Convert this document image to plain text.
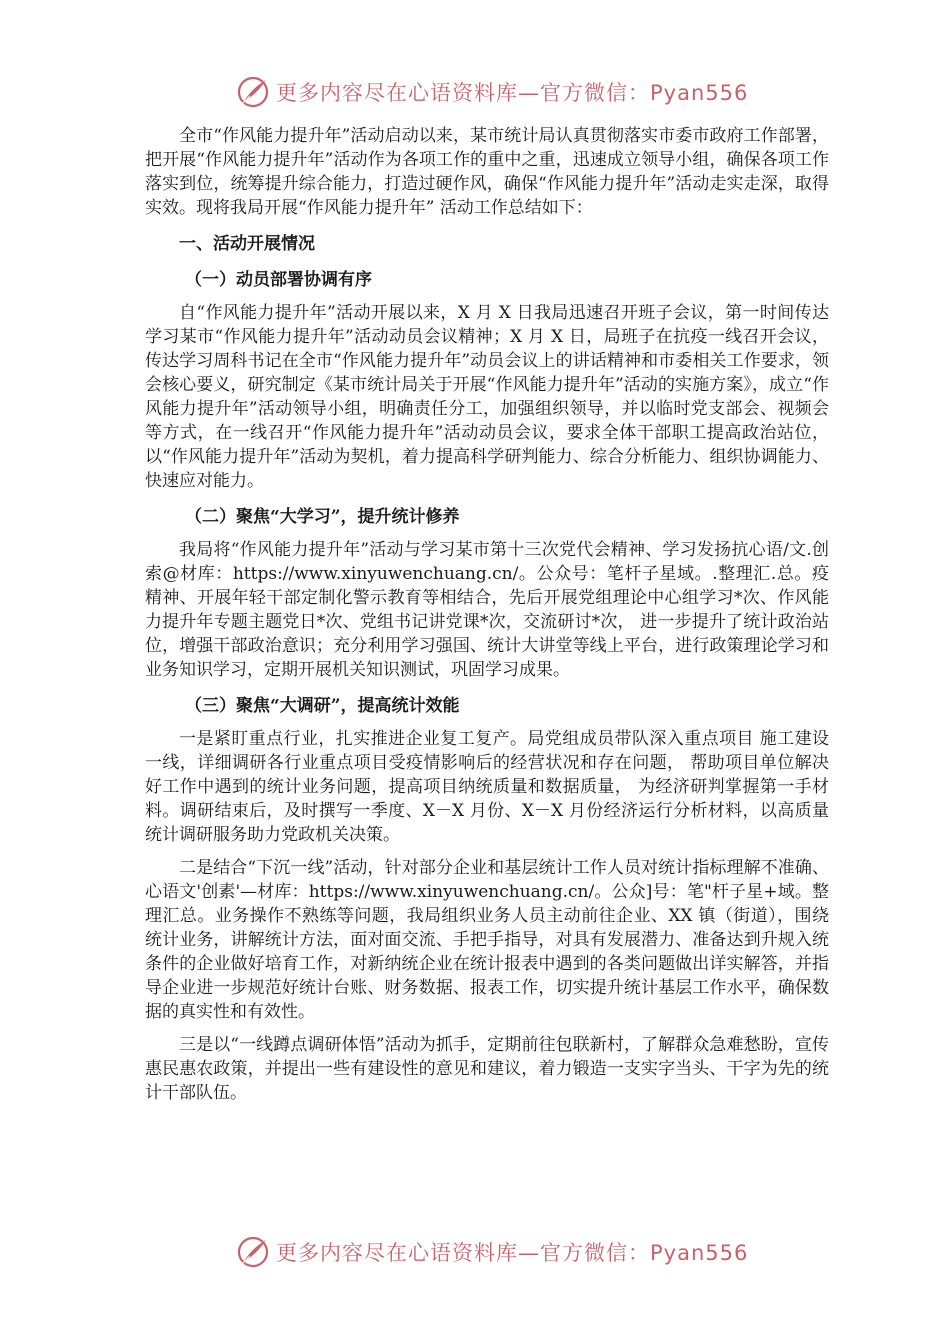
更多内容尽在心语资料库—官方微信：Pyan556

全市“作风能力提升年”活动启动以来，某市统计局认真贯彻落实市委市政府工作部署，把开展“作风能力提升年”活动作为各项工作的重中之重，迅速成立领导小组，确保各项工作落实到位，统筹提升综合能力，打造过硬作风，确保“作风能力提升年”活动走实走深，取得实效。现将我局开展“作风能力提升年” 活动工作总结如下：

一、活动开展情况
（一）动员部署协调有序

自“作风能力提升年”活动开展以来，X 月 X 日我局迅速召开班子会议，第一时间传达学习某市“作风能力提升年”活动动员会议精神；X 月 X 日，局班子在抗疫一线召开会议，传达学习周科书记在全市“作风能力提升年”动员会议上的讲话精神和市委相关工作要求，领会核心要义，研究制定《某市统计局关于开展“作风能力提升年”活动的实施方案》，成立“作风能力提升年”活动领导小组，明确责任分工，加强组织领导，并以临时党支部会、视频会等方式，在一线召开“作风能力提升年”活动动员会议，要求全体干部职工提高政治站位， 以“作风能力提升年”活动为契机，着力提高科学研判能力、综合分析能力、组织协调能力、快速应对能力。

（二）聚焦“大学习”，提升统计修养

我局将“作风能力提升年”活动与学习某市第十三次党代会精神、学习发扬抗心语/文.创索@材库：https://www.xinyuwenchuang.cn/。公众号：笔杆子星域。.整理汇.总。疫精神、开展年轻干部定制化警示教育等相结合，先后开展党组理论中心组学习*次、作风能力提升年专题主题党日*次、党组书记讲党课*次，交流研讨*次， 进一步提升了统计政治站位，增强干部政治意识；充分利用学习强国、统计大讲堂等线上平台，进行政策理论学习和业务知识学习，定期开展机关知识测试，巩固学习成果。

（三）聚焦“大调研”，提高统计效能

一是紧盯重点行业，扎实推进企业复工复产。局党组成员带队深入重点项目 施工建设一线，详细调研各行业重点项目受疫情影响后的经营状况和存在问题， 帮助项目单位解决好工作中遇到的统计业务问题，提高项目纳统质量和数据质量， 为经济研判掌握第一手材料。调研结束后，及时撰写一季度、X－X 月份、X－X 月份经济运行分析材料，以高质量统计调研服务助力党政机关决策。

二是结合“下沉一线”活动，针对部分企业和基层统计工作人员对统计指标理解不准确、心语文'创素'—材库：https://www.xinyuwenchuang.cn/。公众]号：笔"杆子星+域。整理汇总。业务操作不熟练等问题，我局组织业务人员主动前往企业、XX 镇（街道），围绕统计业务，讲解统计方法，面对面交流、手把手指导，对具有发展潜力、准备达到升规入统条件的企业做好培育工作，对新纳统企业在统计报表中遇到的各类问题做出详实解答，并指导企业进一步规范好统计台账、财务数据、报表工作，切实提升统计基层工作水平，确保数据的真实性和有效性。

三是以“一线蹲点调研体悟”活动为抓手，定期前往包联新村，了解群众急难愁盼，宣传惠民惠农政策，并提出一些有建设性的意见和建议，着力锻造一支实字当头、干字为先的统计干部队伍。

更多内容尽在心语资料库—官方微信：Pyan556
